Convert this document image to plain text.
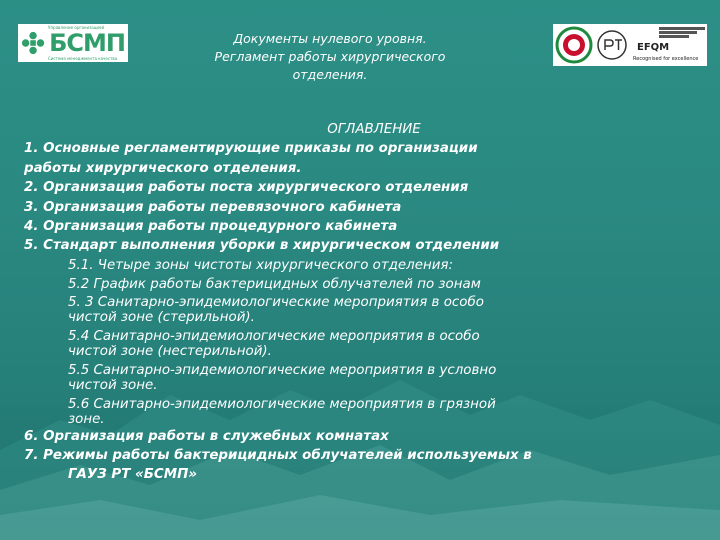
Управление организацией
БСМП
Система менеджмента качества
Документы нулевого уровня.
Регламент работы хирургического
отделения.
EFQM
Recognised for excellence

ОГЛАВЛЕНИЕ

1. Основные регламентирующие приказы по организации

работы хирургического отделения.

2. Организация работы поста хирургического отделения

3. Организация работы перевязочного кабинета

4. Организация работы процедурного кабинета

5. Стандарт выполнения уборки в хирургическом отделении

5.1. Четыре зоны чистоты хирургического отделения:

5.2 График работы бактерицидных облучателей по зонам

5. 3 Санитарно-эпидемиологические мероприятия в особо
чистой зоне (стерильной).
5.4 Санитарно-эпидемиологические мероприятия в особо
чистой зоне (нестерильной).
5.5 Санитарно-эпидемиологические мероприятия в условно
чистой зоне.
5.6 Санитарно-эпидемиологические мероприятия в грязной
зоне.

6. Организация работы в служебных комнатах

7. Режимы работы бактерицидных облучателей используемых в

ГАУЗ РТ «БСМП»
